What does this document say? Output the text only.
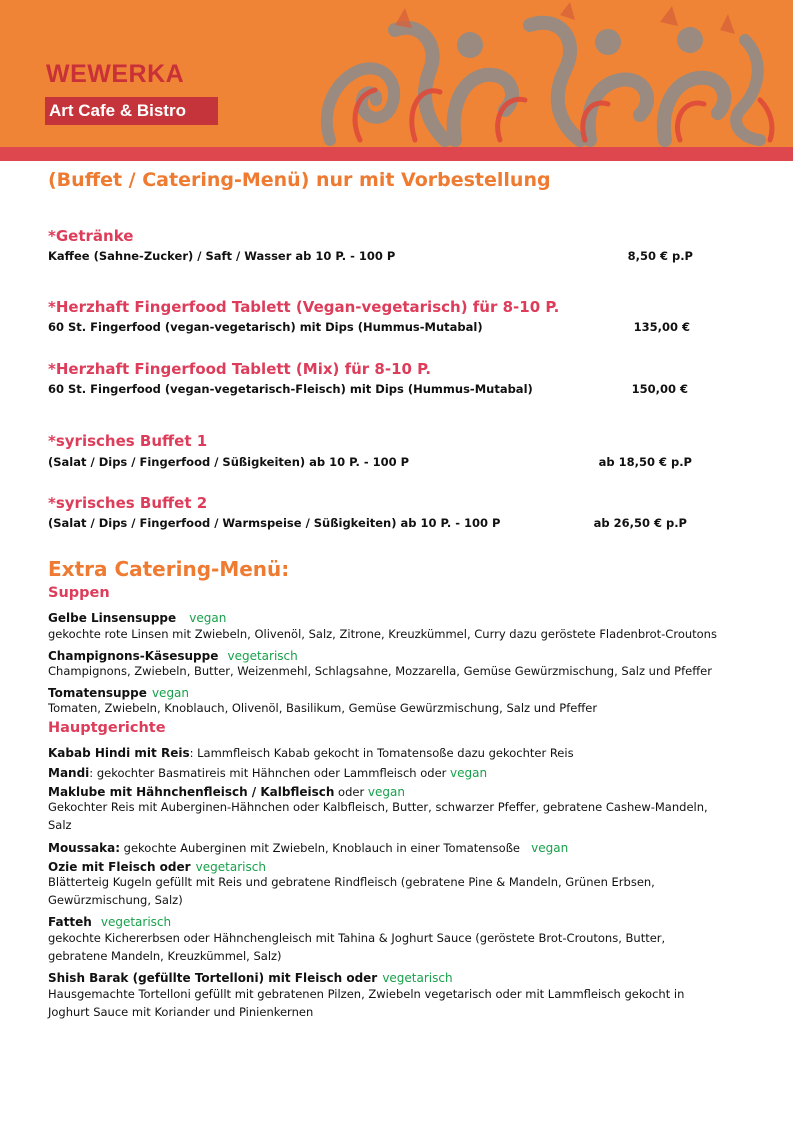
WEWERKA
Art Cafe & Bistro
(Buffet / Catering-Menü) nur mit Vorbestellung
*Getränke
Kaffee (Sahne-Zucker) / Saft / Wasser ab 10 P. - 100 P	8,50 € p.P
*Herzhaft Fingerfood Tablett (Vegan-vegetarisch) für 8-10 P.
60 St. Fingerfood (vegan-vegetarisch) mit Dips (Hummus-Mutabal)	135,00 €
*Herzhaft Fingerfood Tablett (Mix) für 8-10 P.
60 St. Fingerfood (vegan-vegetarisch-Fleisch) mit Dips (Hummus-Mutabal)	150,00 €
*syrisches Buffet 1
(Salat / Dips / Fingerfood / Süßigkeiten) ab 10 P. - 100 P	ab 18,50 € p.P
*syrisches Buffet 2
(Salat / Dips / Fingerfood / Warmspeise / Süßigkeiten) ab 10 P. - 100 P	ab 26,50 € p.P
Extra Catering-Menü:
Suppen
Gelbe Linsensuppe vegan
gekochte rote Linsen mit Zwiebeln, Olivenöl, Salz, Zitrone, Kreuzkümmel, Curry dazu geröstete Fladenbrot-Croutons
Champignons-Käsesuppe vegetarisch
Champignons, Zwiebeln, Butter, Weizenmehl, Schlagsahne, Mozzarella, Gemüse Gewürzmischung, Salz und Pfeffer
Tomatensuppe vegan
Tomaten, Zwiebeln, Knoblauch, Olivenöl, Basilikum, Gemüse Gewürzmischung, Salz und Pfeffer
Hauptgerichte
Kabab Hindi mit Reis: Lammfleisch Kabab gekocht in Tomatensoße dazu gekochter Reis
Mandi: gekochter Basmatireis mit Hähnchen oder Lammfleisch oder vegan
Maklube mit Hähnchenfleisch / Kalbfleisch oder vegan
Gekochter Reis mit Auberginen-Hähnchen oder Kalbfleisch, Butter, schwarzer Pfeffer, gebratene Cashew-Mandeln,
Salz
Moussaka: gekochte Auberginen mit Zwiebeln, Knoblauch in einer Tomatensoße vegan
Ozie mit Fleisch oder vegetarisch
Blätterteig Kugeln gefüllt mit Reis und gebratene Rindfleisch (gebratene Pine & Mandeln, Grünen Erbsen,
Gewürzmischung, Salz)
Fatteh vegetarisch
gekochte Kichererbsen oder Hähnchengleisch mit Tahina & Joghurt Sauce (geröstete Brot-Croutons, Butter,
gebratene Mandeln, Kreuzkümmel, Salz)
Shish Barak (gefüllte Tortelloni) mit Fleisch oder vegetarisch
Hausgemachte Tortelloni gefüllt mit gebratenen Pilzen, Zwiebeln vegetarisch oder mit Lammfleisch gekocht in
Joghurt Sauce mit Koriander und Pinienkernen
